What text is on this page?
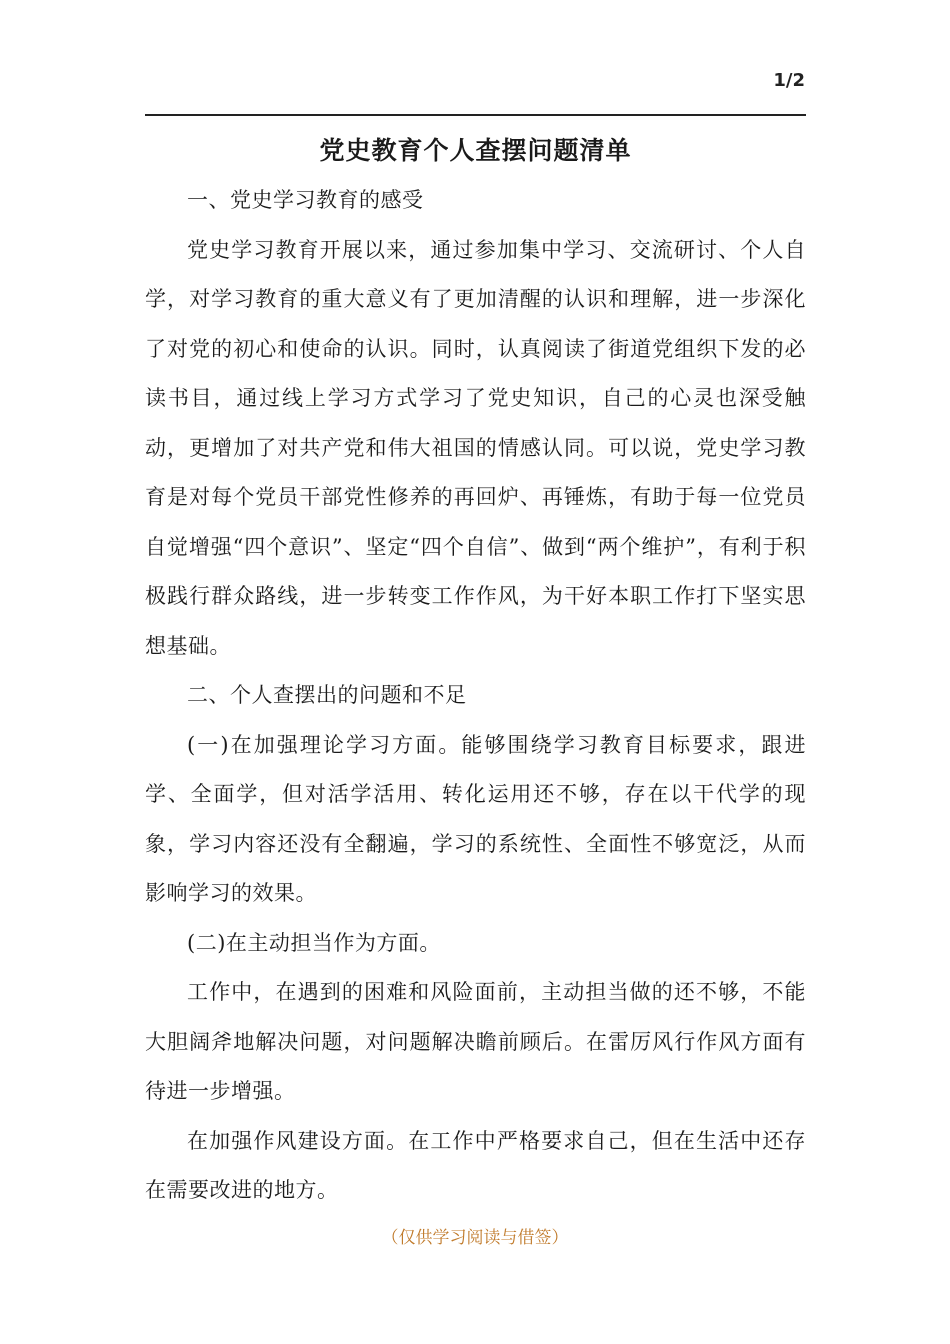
1/2
党史教育个人查摆问题清单

一、党史学习教育的感受

党史学习教育开展以来，通过参加集中学习、交流研讨、个人自学，对学习教育的重大意义有了更加清醒的认识和理解，进一步深化了对党的初心和使命的认识。同时，认真阅读了街道党组织下发的必读书目，通过线上学习方式学习了党史知识，自己的心灵也深受触动，更增加了对共产党和伟大祖国的情感认同。可以说，党史学习教育是对每个党员干部党性修养的再回炉、再锤炼，有助于每一位党员自觉增强“四个意识”、坚定“四个自信”、做到“两个维护”，有利于积极践行群众路线，进一步转变工作作风，为干好本职工作打下坚实思想基础。

二、个人查摆出的问题和不足

(一)在加强理论学习方面。能够围绕学习教育目标要求，跟进学、全面学，但对活学活用、转化运用还不够，存在以干代学的现象，学习内容还没有全翻遍，学习的系统性、全面性不够宽泛，从而影响学习的效果。

(二)在主动担当作为方面。

工作中，在遇到的困难和风险面前，主动担当做的还不够，不能大胆阔斧地解决问题，对问题解决瞻前顾后。在雷厉风行作风方面有待进一步增强。

在加强作风建设方面。在工作中严格要求自己，但在生活中还存在需要改进的地方。

（仅供学习阅读与借签）
